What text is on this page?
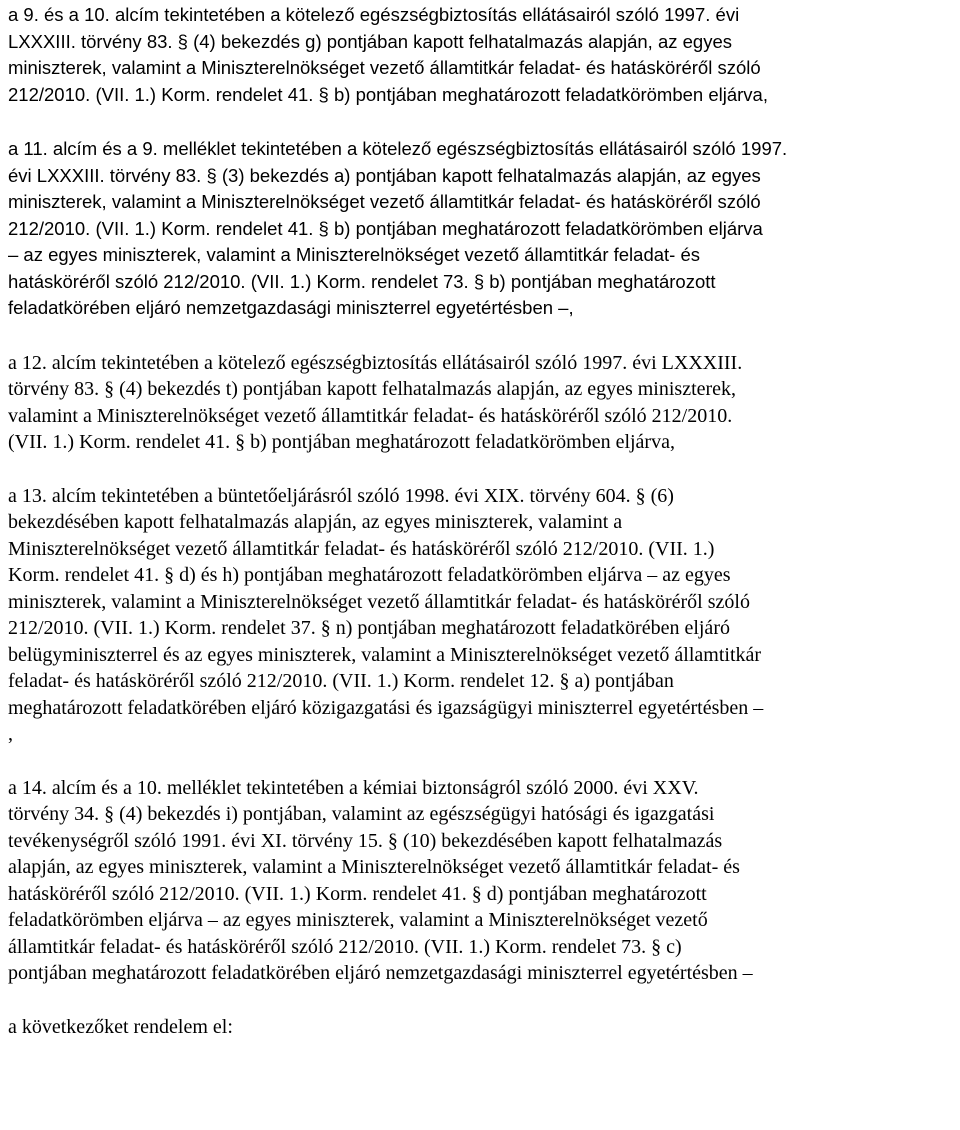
a 9. és a 10. alcím tekintetében a kötelező egészségbiztosítás ellátásairól szóló 1997. évi
LXXXIII. törvény 83. § (4) bekezdés g) pontjában kapott felhatalmazás alapján, az egyes
miniszterek, valamint a Miniszterelnökséget vezető államtitkár feladat- és hatásköréről szóló
212/2010. (VII. 1.) Korm. rendelet 41. § b) pontjában meghatározott feladatkörömben eljárva,

a 11. alcím és a 9. melléklet tekintetében a kötelező egészségbiztosítás ellátásairól szóló 1997.
évi LXXXIII. törvény 83. § (3) bekezdés a) pontjában kapott felhatalmazás alapján, az egyes
miniszterek, valamint a Miniszterelnökséget vezető államtitkár feladat- és hatásköréről szóló
212/2010. (VII. 1.) Korm. rendelet 41. § b) pontjában meghatározott feladatkörömben eljárva
– az egyes miniszterek, valamint a Miniszterelnökséget vezető államtitkár feladat- és
hatásköréről szóló 212/2010. (VII. 1.) Korm. rendelet 73. § b) pontjában meghatározott
feladatkörében eljáró nemzetgazdasági miniszterrel egyetértésben –,

a 12. alcím tekintetében a kötelező egészségbiztosítás ellátásairól szóló 1997. évi LXXXIII.
törvény 83. § (4) bekezdés t) pontjában kapott felhatalmazás alapján, az egyes miniszterek,
valamint a Miniszterelnökséget vezető államtitkár feladat- és hatásköréről szóló 212/2010.
(VII. 1.) Korm. rendelet 41. § b) pontjában meghatározott feladatkörömben eljárva,

a 13. alcím tekintetében a büntetőeljárásról szóló 1998. évi XIX. törvény 604. § (6)
bekezdésében kapott felhatalmazás alapján, az egyes miniszterek, valamint a
Miniszterelnökséget vezető államtitkár feladat- és hatásköréről szóló 212/2010. (VII. 1.)
Korm. rendelet 41. § d) és h) pontjában meghatározott feladatkörömben eljárva – az egyes
miniszterek, valamint a Miniszterelnökséget vezető államtitkár feladat- és hatásköréről szóló
212/2010. (VII. 1.) Korm. rendelet 37. § n) pontjában meghatározott feladatkörében eljáró
belügyminiszterrel és az egyes miniszterek, valamint a Miniszterelnökséget vezető államtitkár
feladat- és hatásköréről szóló 212/2010. (VII. 1.) Korm. rendelet 12. § a) pontjában
meghatározott feladatkörében eljáró közigazgatási és igazságügyi miniszterrel egyetértésben –
,

a 14. alcím és a 10. melléklet tekintetében a kémiai biztonságról szóló 2000. évi XXV.
törvény 34. § (4) bekezdés i) pontjában, valamint az egészségügyi hatósági és igazgatási
tevékenységről szóló 1991. évi XI. törvény 15. § (10) bekezdésében kapott felhatalmazás
alapján, az egyes miniszterek, valamint a Miniszterelnökséget vezető államtitkár feladat- és
hatásköréről szóló 212/2010. (VII. 1.) Korm. rendelet 41. § d) pontjában meghatározott
feladatkörömben eljárva – az egyes miniszterek, valamint a Miniszterelnökséget vezető
államtitkár feladat- és hatásköréről szóló 212/2010. (VII. 1.) Korm. rendelet 73. § c)
pontjában meghatározott feladatkörében eljáró nemzetgazdasági miniszterrel egyetértésben –

a következőket rendelem el:
